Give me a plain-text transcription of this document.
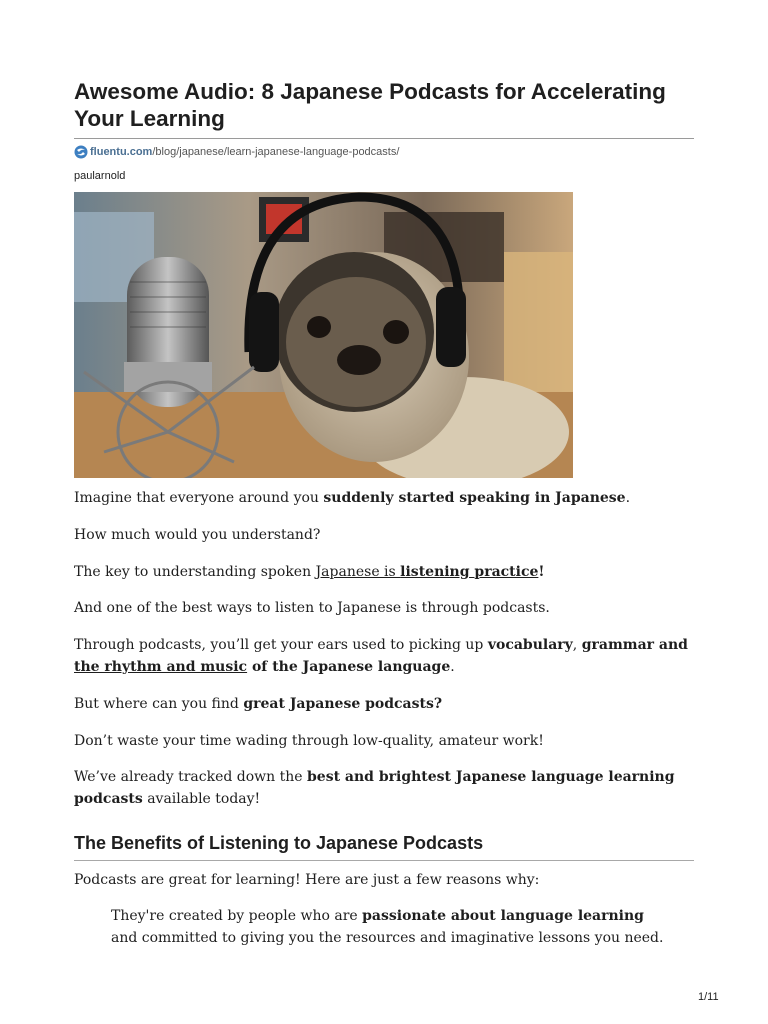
Awesome Audio: 8 Japanese Podcasts for Accelerating Your Learning
fluentu.com /blog/japanese/learn-japanese-language-podcasts/
paularnold

Imagine that everyone around you suddenly started speaking in Japanese.

How much would you understand?

The key to understanding spoken Japanese is listening practice!

And one of the best ways to listen to Japanese is through podcasts.

Through podcasts, you’ll get your ears used to picking up vocabulary, grammar and the rhythm and music of the Japanese language.

But where can you find great Japanese podcasts?

Don’t waste your time wading through low-quality, amateur work!

We’ve already tracked down the best and brightest Japanese language learning podcasts available today!

The Benefits of Listening to Japanese Podcasts

Podcasts are great for learning! Here are just a few reasons why:

They're created by people who are passionate about language learning and committed to giving you the resources and imaginative lessons you need.

1/11
